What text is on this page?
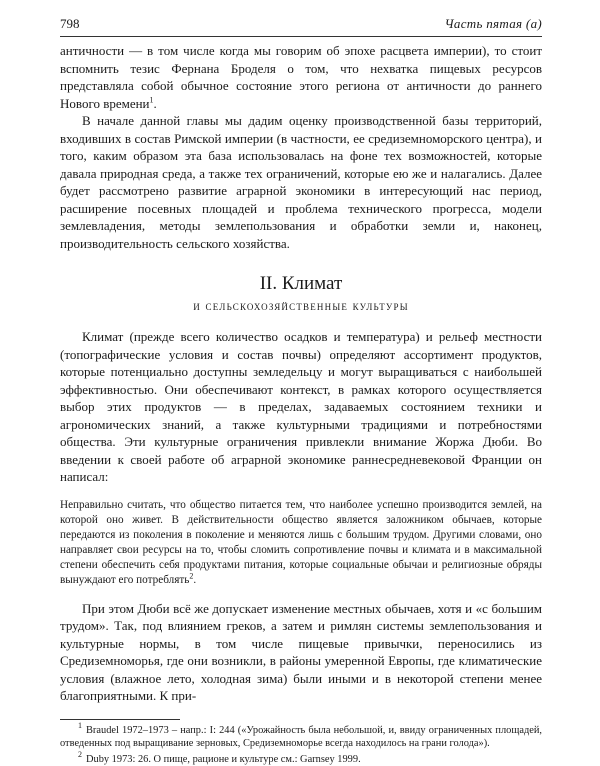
798	Часть пятая (а)

античности — в том числе когда мы говорим об эпохе расцвета империи), то стоит вспомнить тезис Фернана Броделя о том, что нехватка пищевых ресурсов представляла собой обычное состояние этого региона от античности до раннего Нового времени$^1$.

В начале данной главы мы дадим оценку производственной базы территорий, входивших в состав Римской империи (в частности, ее средиземноморского центра), и того, каким образом эта база использовалась на фоне тех возможностей, которые давала природная среда, а также тех ограничений, которые ею же и налагались. Далее будет рассмотрено развитие аграрной экономики в интересующий нас период, расширение посевных площадей и проблема технического прогресса, модели землевладения, методы землепользования и обработки земли и, наконец, производительность сельского хозяйства.

II. Климат
и сельскохозяйственные культуры

Климат (прежде всего количество осадков и температура) и рельеф местности (топографические условия и состав почвы) определяют ассортимент продуктов, которые потенциально доступны земледельцу и могут выращиваться с наибольшей эффективностью. Они обеспечивают контекст, в рамках которого осуществляется выбор этих продуктов — в пределах, задаваемых состоянием техники и агрономических знаний, а также культурными традициями и потребностями общества. Эти культурные ограничения привлекли внимание Жоржа Дюби. Во введении к своей работе об аграрной экономике раннесредневековой Франции он написал:

Неправильно считать, что общество питается тем, что наиболее успешно производится землей, на которой оно живет. В действительности общество является заложником обычаев, которые передаются из поколения в поколение и меняются лишь с большим трудом. Другими словами, оно направляет свои ресурсы на то, чтобы сломить сопротивление почвы и климата и в максимальной степени обеспечить себя продуктами питания, которые социальные обычаи и религиозные обряды вынуждают его потреблять$^2$.

При этом Дюби всё же допускает изменение местных обычаев, хотя и «с большим трудом». Так, под влиянием греков, а затем и римлян системы землепользования и культурные нормы, в том числе пищевые привычки, переносились из Средиземноморья, где они возникли, в районы умеренной Европы, где климатические условия (влажное лето, холодная зима) были иными и в некоторой степени менее благоприятными. К при-

$^1$ Braudel 1972–1973 – напр.: I: 244 («Урожайность была небольшой, и, ввиду ограниченных площадей, отведенных под выращивание зерновых, Средиземноморье всегда находилось на грани голода»).

$^2$ Duby 1973: 26. О пище, рационе и культуре см.: Garnsey 1999.
